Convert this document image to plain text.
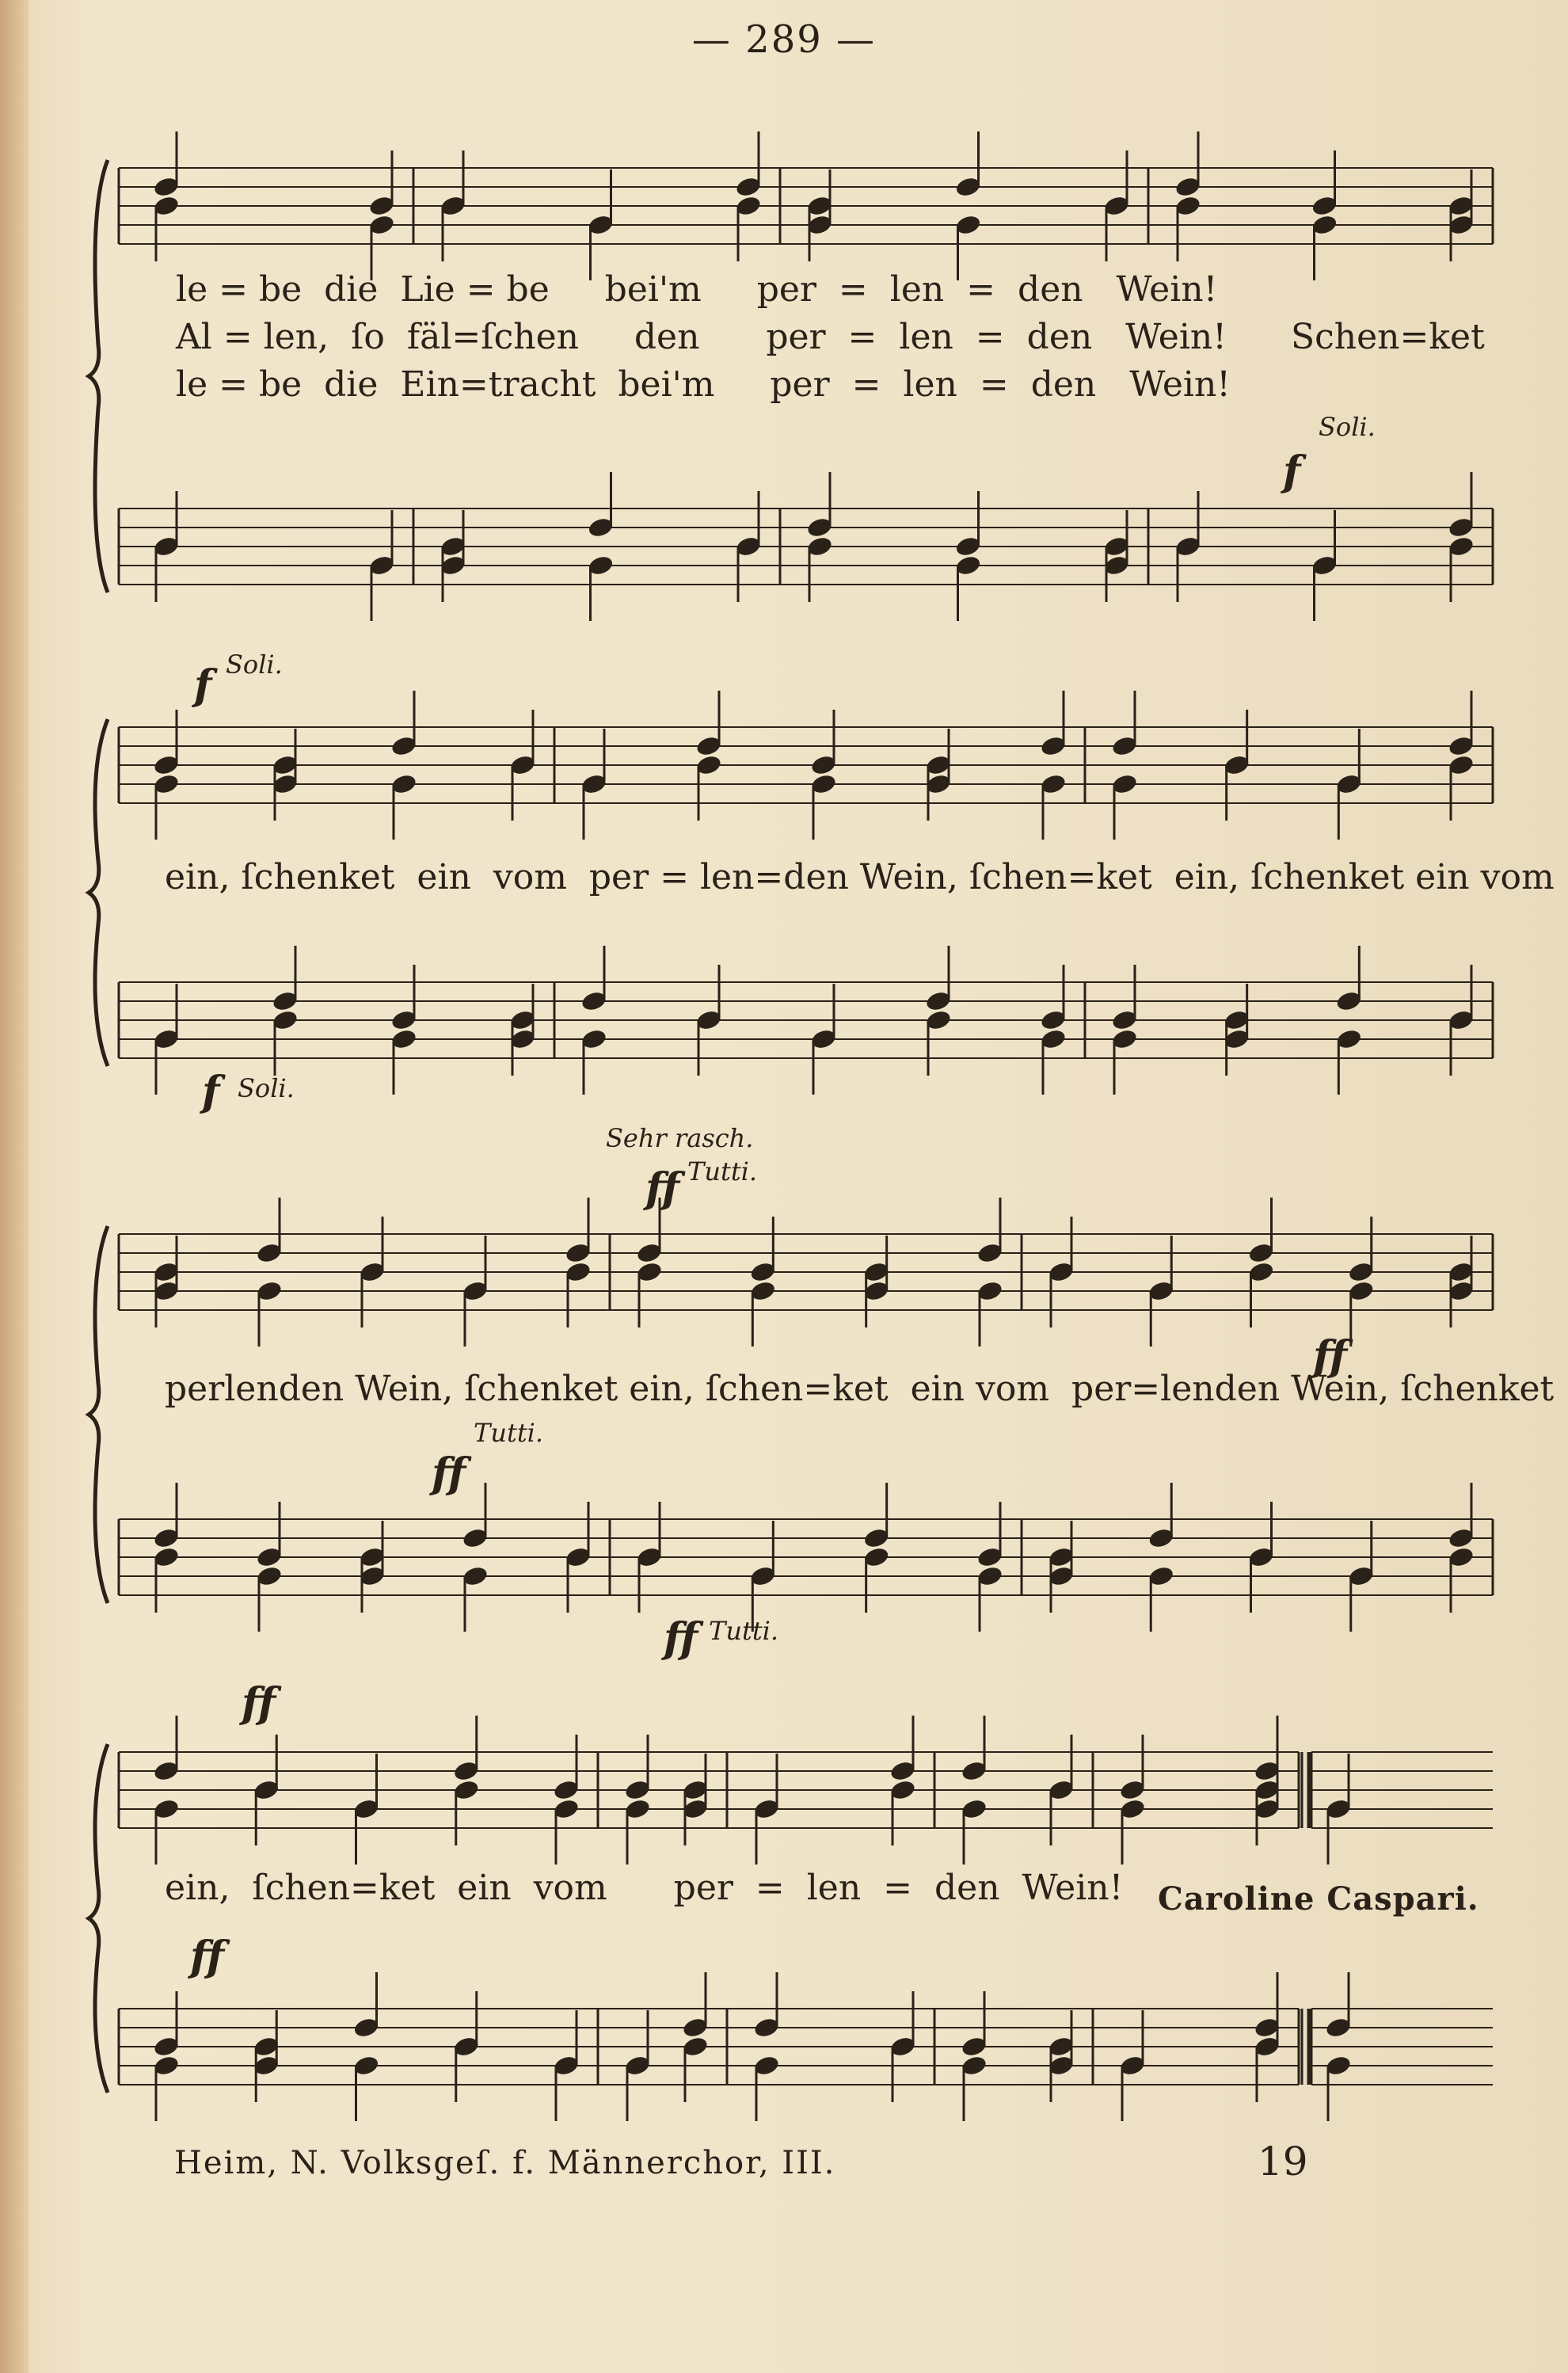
— 289 —
le = be  die  Lie = be     bei'm     per  =  len  =  den   Wein!
Al = len,  ſo  fäl=ſchen     den      per  =  len  =  den   Wein!
le = be  die  Ein=tracht  bei'm     per  =  len  =  den   Wein!
Schen=ket
Soli.
f
f Soli.
ein, ſchenket  ein  vom  per = len=den Wein, ſchen=ket  ein, ſchenket ein vom
f Soli.
Sehr rasch.
ff Tutti.
ff
perlenden Wein, ſchenket ein, ſchen=ket  ein vom  per=lenden Wein, ſchenket
Tutti.
ff
ff Tutti.
ff
ein,  ſchen=ket  ein  vom      per  =  len  =  den  Wein! Caroline Caspari.
ff
Heim, N. Volksgeſ. f. Männerchor, III.	19
